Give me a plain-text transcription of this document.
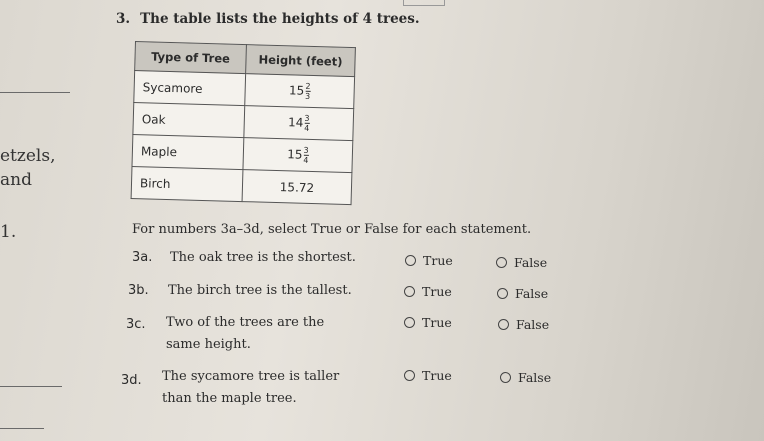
etzels,
and
1.
3. The table lists the heights of 4 trees.
Type of Tree	Height (feet)
Sycamore	$15 \frac{2}{3}$

Oak	$14 \frac{3}{4}$

Maple	$15 \frac{3}{4}$

Birch	15.72
For numbers 3a–3d, select True or False for each statement.
3a. The oak tree is the shortest.	True	False
3b. The birch tree is the tallest.	True	False
3c. Two of the trees are the same height.
True	False
3d. The sycamore tree is taller than the maple tree.
True	False
